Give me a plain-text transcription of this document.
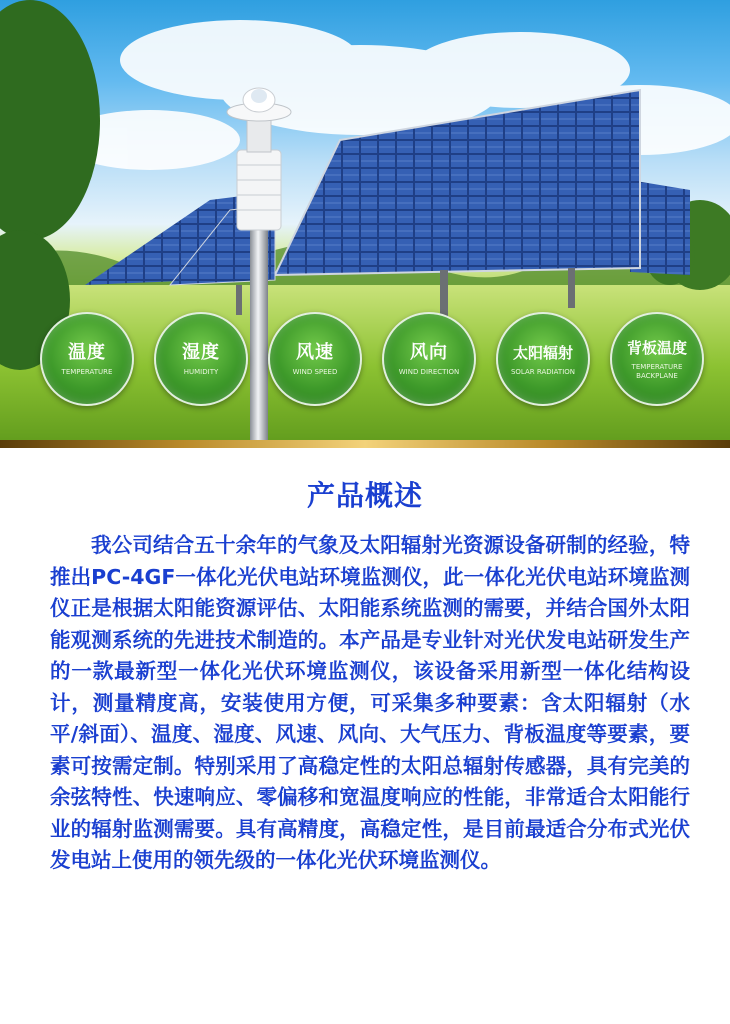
温度
TEMPERATURE
湿度
HUMIDITY
风速
WIND SPEED
风向
WIND DIRECTION
太阳辐射
SOLAR RADIATION
背板温度
TEMPERATURE BACKPLANE
产品概述

我公司结合五十余年的气象及太阳辐射光资源设备研制的经验，特推出PC-4GF一体化光伏电站环境监测仪，此一体化光伏电站环境监测仪正是根据太阳能资源评估、太阳能系统监测的需要，并结合国外太阳能观测系统的先进技术制造的。本产品是专业针对光伏发电站研发生产的一款最新型一体化光伏环境监测仪，该设备采用新型一体化结构设计，测量精度高，安装使用方便，可采集多种要素：含太阳辐射（水平/斜面）、温度、湿度、风速、风向、大气压力、背板温度等要素，要素可按需定制。特别采用了高稳定性的太阳总辐射传感器，具有完美的余弦特性、快速响应、零偏移和宽温度响应的性能，非常适合太阳能行业的辐射监测需要。具有高精度，高稳定性，是目前最适合分布式光伏发电站上使用的领先级的一体化光伏环境监测仪。
